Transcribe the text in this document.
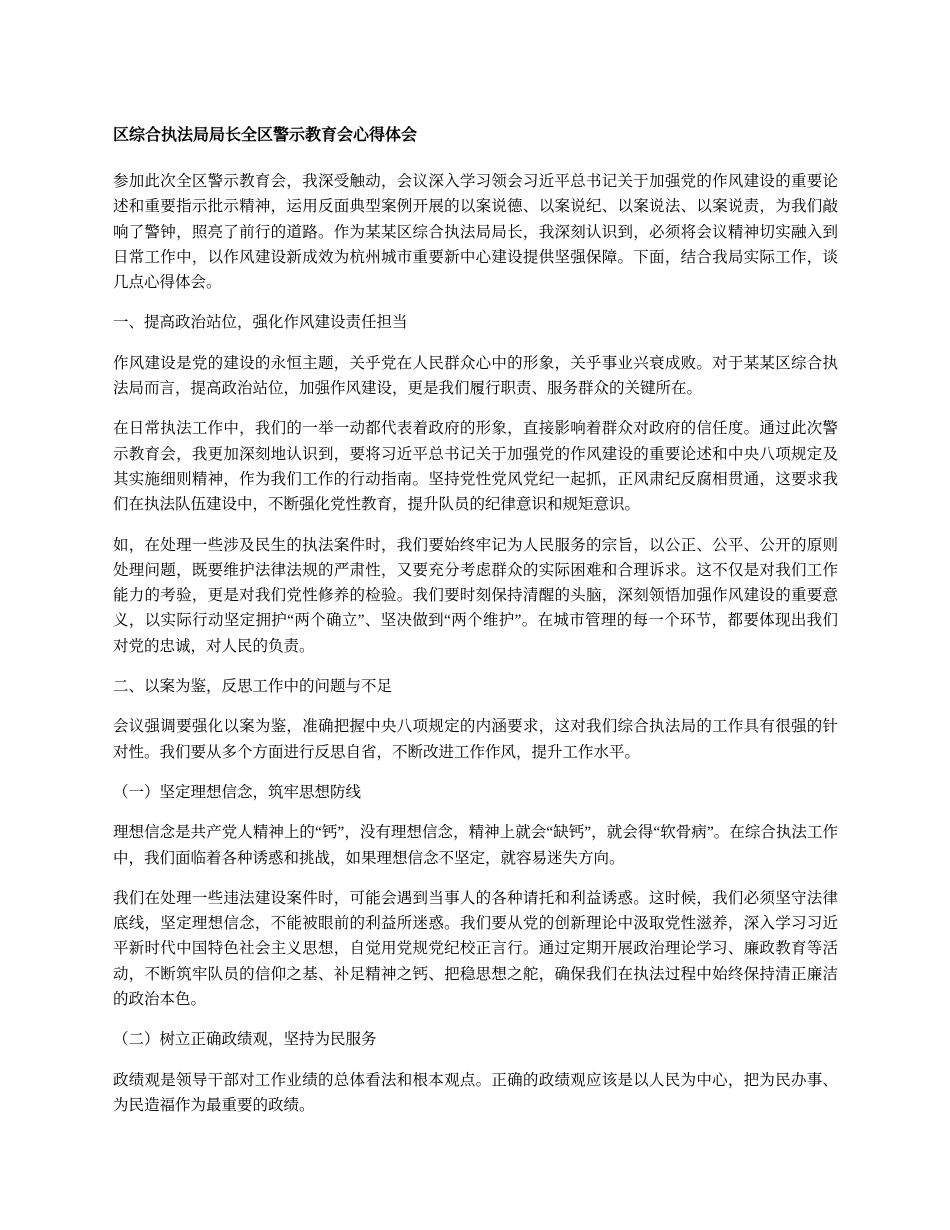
区综合执法局局长全区警示教育会心得体会

参加此次全区警示教育会，我深受触动，会议深入学习领会习近平总书记关于加强党的作风建设的重要论述和重要指示批示精神，运用反面典型案例开展的以案说德、以案说纪、以案说法、以案说责，为我们敲响了警钟，照亮了前行的道路。作为某某区综合执法局局长，我深刻认识到，必须将会议精神切实融入到日常工作中，以作风建设新成效为杭州城市重要新中心建设提供坚强保障。下面，结合我局实际工作，谈几点心得体会。

一、提高政治站位，强化作风建设责任担当

作风建设是党的建设的永恒主题，关乎党在人民群众心中的形象，关乎事业兴衰成败。对于某某区综合执法局而言，提高政治站位，加强作风建设，更是我们履行职责、服务群众的关键所在。

在日常执法工作中，我们的一举一动都代表着政府的形象，直接影响着群众对政府的信任度。通过此次警示教育会，我更加深刻地认识到，要将习近平总书记关于加强党的作风建设的重要论述和中央八项规定及其实施细则精神，作为我们工作的行动指南。坚持党性党风党纪一起抓，正风肃纪反腐相贯通，这要求我们在执法队伍建设中，不断强化党性教育，提升队员的纪律意识和规矩意识。

如，在处理一些涉及民生的执法案件时，我们要始终牢记为人民服务的宗旨，以公正、公平、公开的原则处理问题，既要维护法律法规的严肃性，又要充分考虑群众的实际困难和合理诉求。这不仅是对我们工作能力的考验，更是对我们党性修养的检验。我们要时刻保持清醒的头脑，深刻领悟加强作风建设的重要意义，以实际行动坚定拥护“两个确立”、坚决做到“两个维护”。在城市管理的每一个环节，都要体现出我们对党的忠诚，对人民的负责。

二、以案为鉴，反思工作中的问题与不足

会议强调要强化以案为鉴，准确把握中央八项规定的内涵要求，这对我们综合执法局的工作具有很强的针对性。我们要从多个方面进行反思自省，不断改进工作作风，提升工作水平。

（一）坚定理想信念，筑牢思想防线

理想信念是共产党人精神上的“钙”，没有理想信念，精神上就会“缺钙”，就会得“软骨病”。在综合执法工作中，我们面临着各种诱惑和挑战，如果理想信念不坚定，就容易迷失方向。

我们在处理一些违法建设案件时，可能会遇到当事人的各种请托和利益诱惑。这时候，我们必须坚守法律底线，坚定理想信念，不能被眼前的利益所迷惑。我们要从党的创新理论中汲取党性滋养，深入学习习近平新时代中国特色社会主义思想，自觉用党规党纪校正言行。通过定期开展政治理论学习、廉政教育等活动，不断筑牢队员的信仰之基、补足精神之钙、把稳思想之舵，确保我们在执法过程中始终保持清正廉洁的政治本色。

（二）树立正确政绩观，坚持为民服务

政绩观是领导干部对工作业绩的总体看法和根本观点。正确的政绩观应该是以人民为中心，把为民办事、为民造福作为最重要的政绩。
